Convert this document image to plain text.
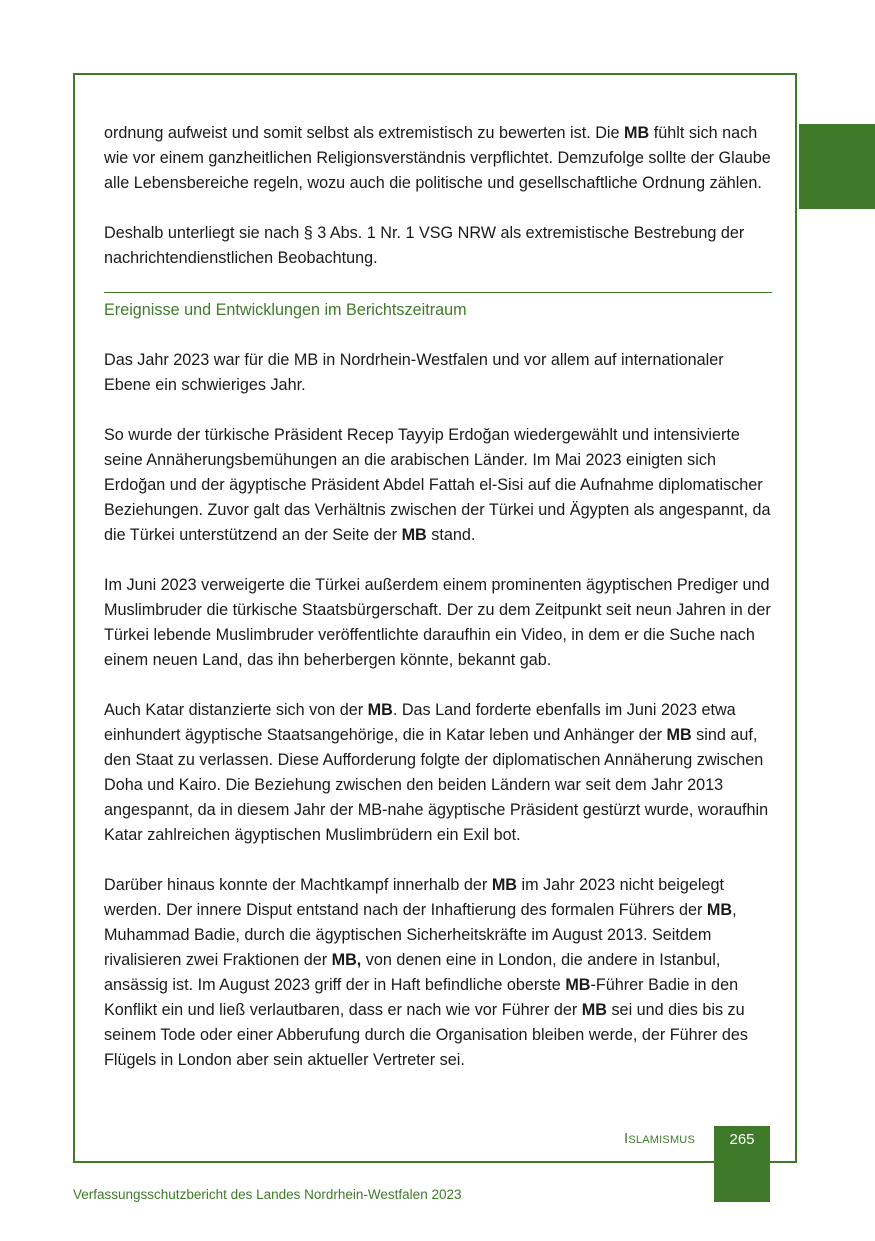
ordnung aufweist und somit selbst als extremistisch zu bewerten ist. Die MB fühlt sich nach wie vor einem ganzheitlichen Religionsverständnis verpflichtet. Demzufolge sollte der Glaube alle Lebensbereiche regeln, wozu auch die politische und gesellschaftliche Ordnung zählen.

Deshalb unterliegt sie nach § 3 Abs. 1 Nr. 1 VSG NRW als extremistische Bestrebung der nachrichtendienstlichen Beobachtung.

Ereignisse und Entwicklungen im Berichtszeitraum

Das Jahr 2023 war für die MB in Nordrhein-Westfalen und vor allem auf internationaler Ebene ein schwieriges Jahr.

So wurde der türkische Präsident Recep Tayyip Erdoğan wiedergewählt und intensivierte seine Annäherungsbemühungen an die arabischen Länder. Im Mai 2023 einigten sich Erdoğan und der ägyptische Präsident Abdel Fattah el-Sisi auf die Aufnahme diplomatischer Beziehungen. Zuvor galt das Verhältnis zwischen der Türkei und Ägypten als angespannt, da die Türkei unterstützend an der Seite der MB stand.

Im Juni 2023 verweigerte die Türkei außerdem einem prominenten ägyptischen Prediger und Muslimbruder die türkische Staatsbürgerschaft. Der zu dem Zeitpunkt seit neun Jahren in der Türkei lebende Muslimbruder veröffentlichte daraufhin ein Video, in dem er die Suche nach einem neuen Land, das ihn beherbergen könnte, bekannt gab.

Auch Katar distanzierte sich von der MB. Das Land forderte ebenfalls im Juni 2023 etwa einhundert ägyptische Staatsangehörige, die in Katar leben und Anhänger der MB sind auf, den Staat zu verlassen. Diese Aufforderung folgte der diplomatischen Annäherung zwischen Doha und Kairo. Die Beziehung zwischen den beiden Ländern war seit dem Jahr 2013 angespannt, da in diesem Jahr der MB-nahe ägyptische Präsident gestürzt wurde, woraufhin Katar zahlreichen ägyptischen Muslimbrüdern ein Exil bot.

Darüber hinaus konnte der Machtkampf innerhalb der MB im Jahr 2023 nicht beigelegt werden. Der innere Disput entstand nach der Inhaftierung des formalen Führers der MB, Muhammad Badie, durch die ägyptischen Sicherheitskräfte im August 2013. Seitdem rivalisieren zwei Fraktionen der MB, von denen eine in London, die andere in Istanbul, ansässig ist. Im August 2023 griff der in Haft befindliche oberste MB-Führer Badie in den Konflikt ein und ließ verlautbaren, dass er nach wie vor Führer der MB sei und dies bis zu seinem Tode oder einer Abberufung durch die Organisation bleiben werde, der Führer des Flügels in London aber sein aktueller Vertreter sei.

Islamismus	265
Verfassungsschutzbericht des Landes Nordrhein-Westfalen 2023
